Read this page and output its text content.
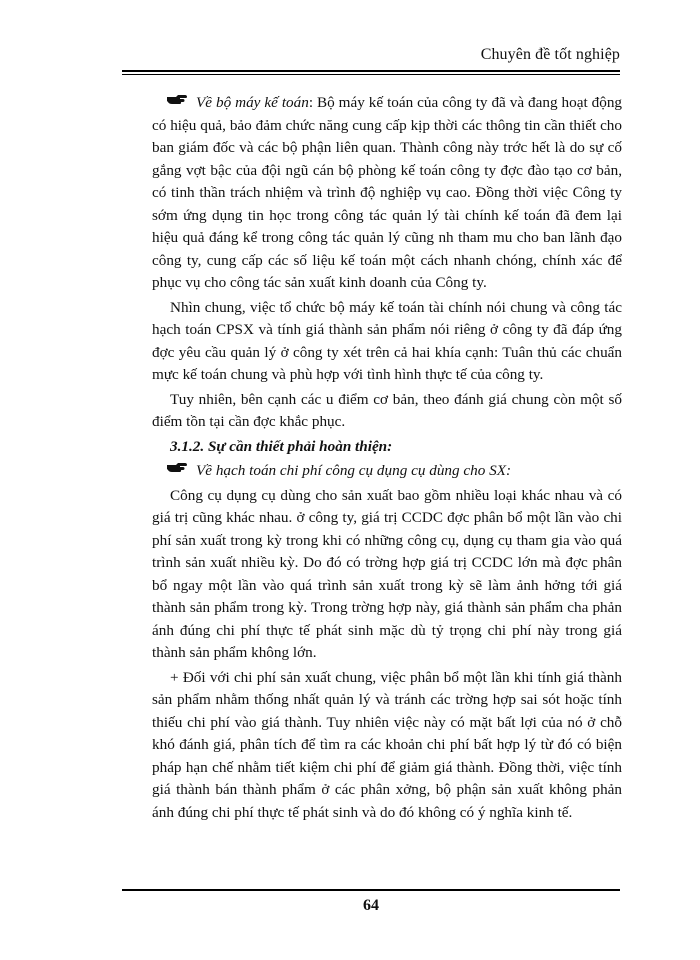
Chuyên đề tốt nghiệp

Về bộ máy kế toán: Bộ máy kế toán của công ty đã và đang hoạt động có hiệu quả, bảo đảm chức năng cung cấp kịp thời các thông tin cần thiết cho ban giám đốc và các bộ phận liên quan. Thành công này trớc hết là do sự cố gắng vợt bậc của đội ngũ cán bộ phòng kế toán công ty đợc đào tạo cơ bản, có tinh thần trách nhiệm và trình độ nghiệp vụ cao. Đồng thời việc Công ty sớm ứng dụng tin học trong công tác quản lý tài chính kế toán đã đem lại hiệu quả đáng kể trong công tác quản lý cũng nh tham mu cho ban lãnh đạo công ty, cung cấp các số liệu kế toán một cách nhanh chóng, chính xác để phục vụ cho công tác sản xuất kinh doanh của Công ty.

Nhìn chung, việc tổ chức bộ máy kế toán tài chính nói chung và công tác hạch toán CPSX và tính giá thành sản phẩm nói riêng ở công ty đã đáp ứng đợc yêu cầu quản lý ở công ty xét trên cả hai khía cạnh: Tuân thủ các chuẩn mực kế toán chung và phù hợp với tình hình thực tế của công ty.

Tuy nhiên, bên cạnh các u điểm cơ bản, theo đánh giá chung còn một số điểm tồn tại cần đợc khắc phục.

3.1.2. Sự cần thiết phải hoàn thiện:

Về hạch toán chi phí công cụ dụng cụ dùng cho SX:

Công cụ dụng cụ dùng cho sản xuất bao gồm nhiều loại khác nhau và có giá trị cũng khác nhau. ở công ty, giá trị CCDC đợc phân bổ một lần vào chi phí sản xuất trong kỳ trong khi có những công cụ, dụng cụ tham gia vào quá trình sản xuất nhiều kỳ. Do đó có trờng hợp giá trị CCDC lớn mà đợc phân bổ ngay một lần vào quá trình sản xuất trong kỳ sẽ làm ảnh hởng tới giá thành sản phẩm trong kỳ. Trong trờng hợp này, giá thành sản phẩm cha phản ánh đúng chi phí thực tế phát sinh mặc dù tỷ trọng chi phí này trong giá thành sản phẩm không lớn.

+ Đối với chi phí sản xuất chung, việc phân bổ một lần khi tính giá thành sản phẩm nhằm thống nhất quản lý và tránh các trờng hợp sai sót hoặc tính thiếu chi phí vào giá thành. Tuy nhiên việc này có mặt bất lợi của nó ở chỗ khó đánh giá, phân tích để tìm ra các khoản chi phí bất hợp lý từ đó có biện pháp hạn chế nhằm tiết kiệm chi phí để giảm giá thành. Đồng thời, việc tính giá thành bán thành phẩm ở các phân xởng, bộ phận sản xuất không phản ánh đúng chi phí thực tế phát sinh và do đó không có ý nghĩa kinh tế.

64
